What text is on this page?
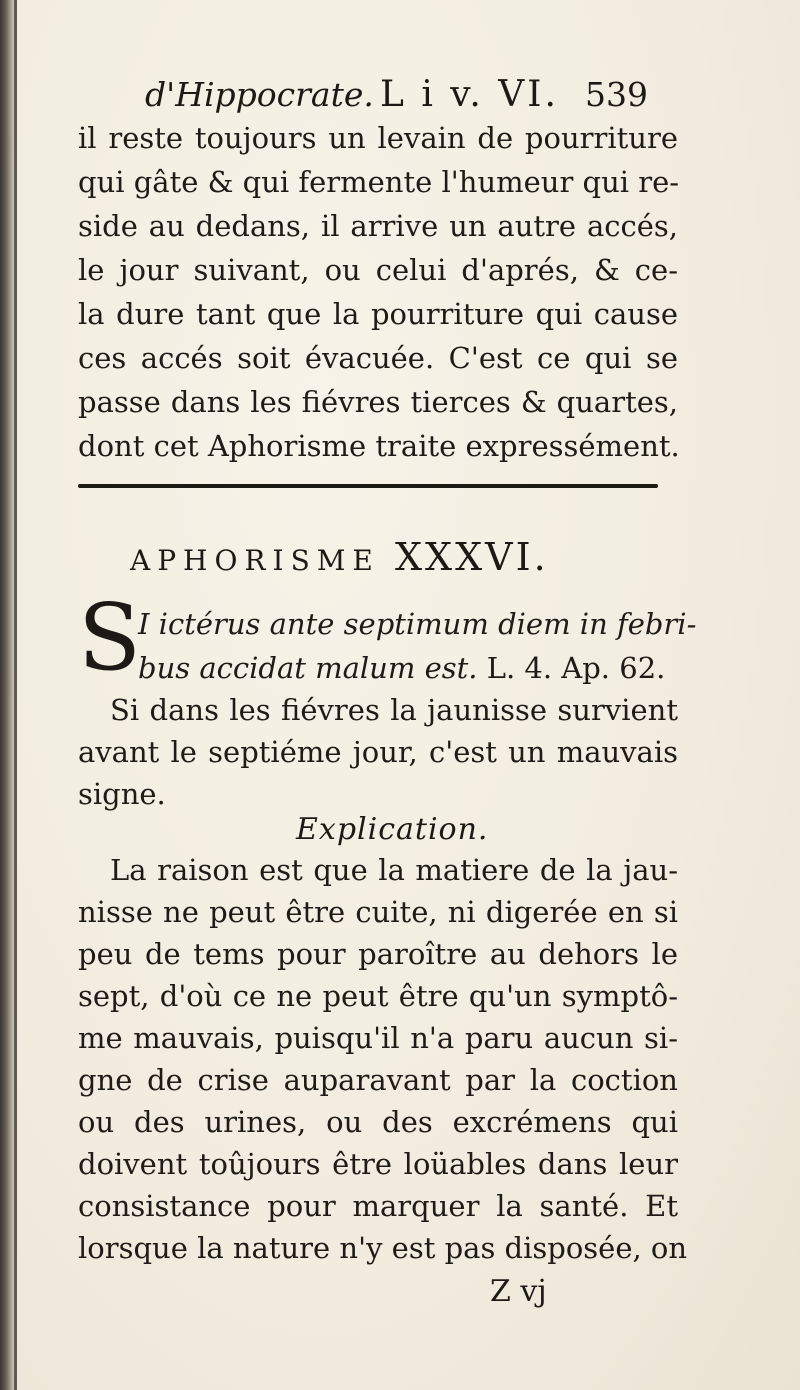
d'Hippocrate. L i v. VI. 539
il reste toujours un levain de pourriture
qui gâte & qui fermente l'humeur qui re-
side au dedans, il arrive un autre accés,
le jour suivant, ou celui d'aprés, & ce-
la dure tant que la pourriture qui cause
ces accés soit évacuée. C'est ce qui se
passe dans les fiévres tierces & quartes,
dont cet Aphorisme traite expressément.
APHORISME XXXVI.
S
I ictérus ante septimum diem in febri-
bus accidat malum est. L. 4. Ap. 62.
Si dans les fiévres la jaunisse survient
avant le septiéme jour, c'est un mauvais
signe.
Explication.
La raison est que la matiere de la jau-
nisse ne peut être cuite, ni digerée en si
peu de tems pour paroître au dehors le
sept, d'où ce ne peut être qu'un symptô-
me mauvais, puisqu'il n'a paru aucun si-
gne de crise auparavant par la coction
ou des urines, ou des excrémens qui
doivent toûjours être loüables dans leur
consistance pour marquer la santé. Et
lorsque la nature n'y est pas disposée, on
Z vj
